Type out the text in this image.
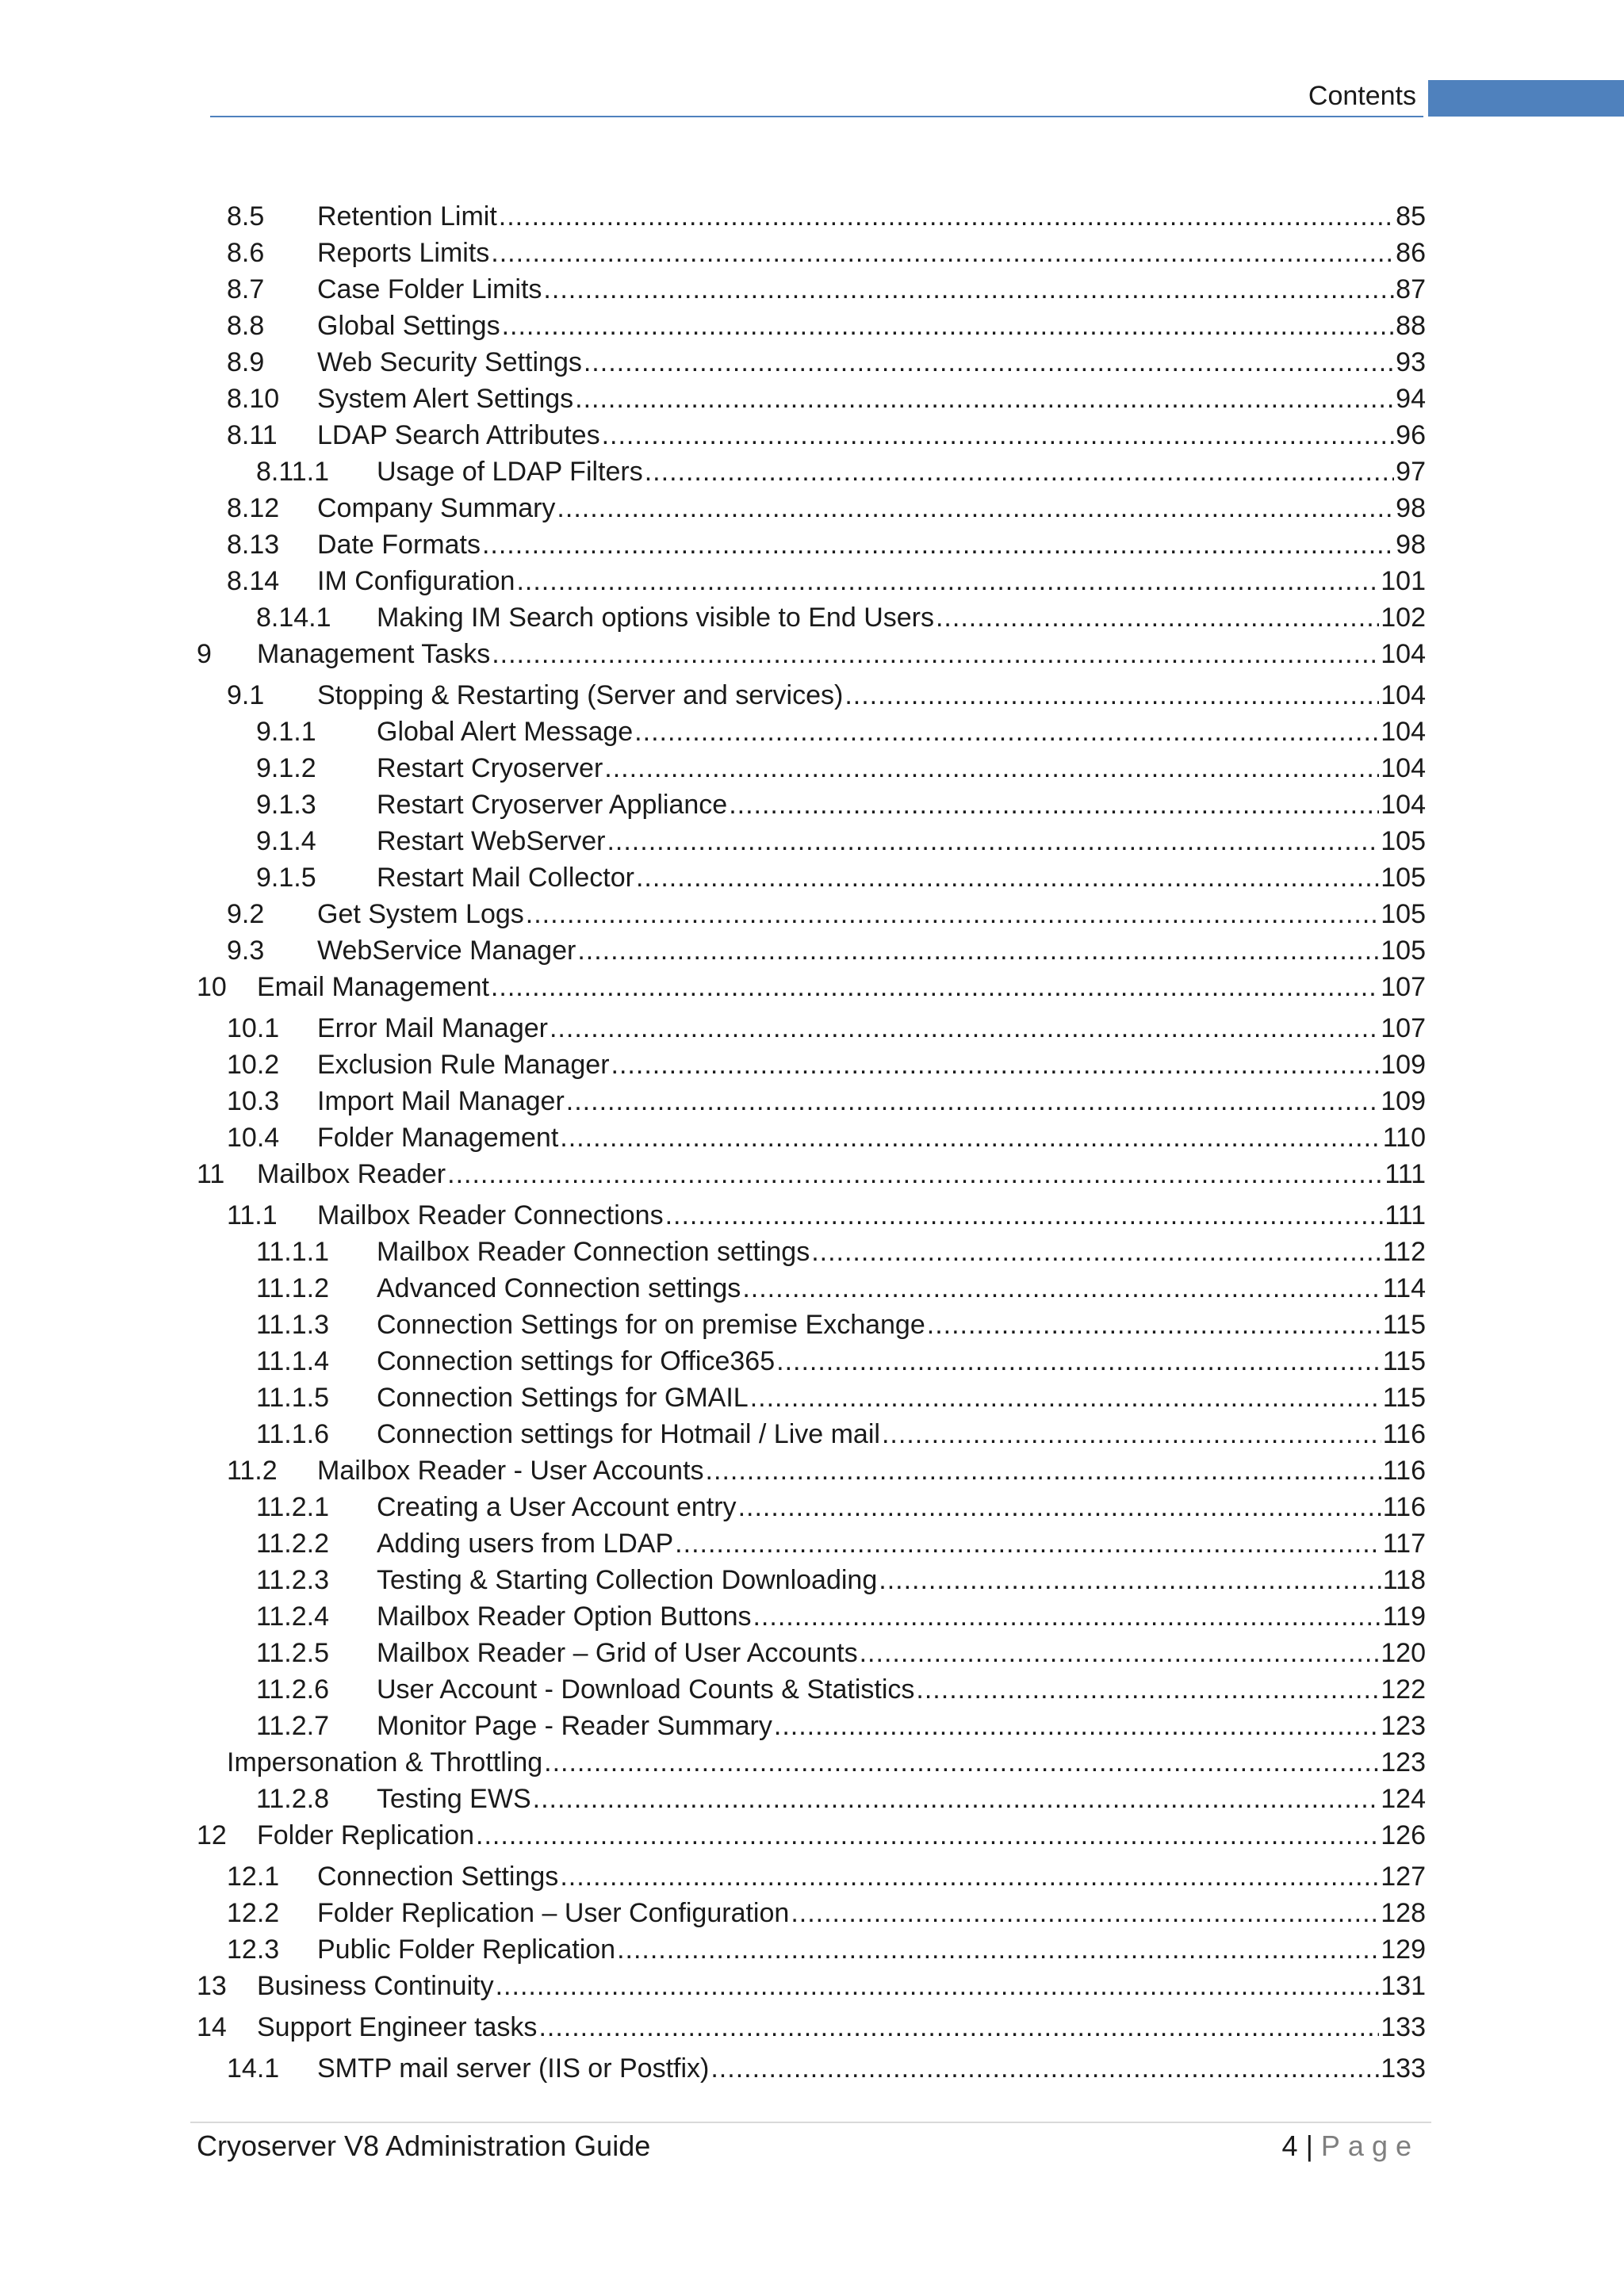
Contents
8.5	Retention Limit .....	85
8.6	Reports Limits .....	86
8.7	Case Folder Limits .....	87
8.8	Global Settings .....	88
8.9	Web Security Settings .....	93
8.10	System Alert Settings .....	94
8.11	LDAP Search Attributes .....	96
8.11.1	Usage of LDAP Filters .....	97
8.12	Company Summary .....	98
8.13	Date Formats .....	98
8.14	IM Configuration .....	101
8.14.1	Making IM Search options visible to End Users .....	102
9	Management Tasks .....	104
9.1	Stopping & Restarting (Server and services) .....	104
9.1.1	Global Alert Message .....	104
9.1.2	Restart Cryoserver .....	104
9.1.3	Restart Cryoserver Appliance .....	104
9.1.4	Restart WebServer .....	105
9.1.5	Restart Mail Collector .....	105
9.2	Get System Logs .....	105
9.3	WebService Manager .....	105
10	Email Management .....	107
10.1	Error Mail Manager .....	107
10.2	Exclusion Rule Manager .....	109
10.3	Import Mail Manager .....	109
10.4	Folder Management .....	110
11	Mailbox Reader .....	111
11.1	Mailbox Reader Connections .....	111
11.1.1	Mailbox Reader Connection settings .....	112
11.1.2	Advanced Connection settings .....	114
11.1.3	Connection Settings for on premise Exchange .....	115
11.1.4	Connection settings for Office365 .....	115
11.1.5	Connection Settings for GMAIL .....	115
11.1.6	Connection settings for Hotmail / Live mail .....	116
11.2	Mailbox Reader - User Accounts .....	116
11.2.1	Creating a User Account entry .....	116
11.2.2	Adding users from LDAP .....	117
11.2.3	Testing & Starting Collection Downloading .....	118
11.2.4	Mailbox Reader Option Buttons .....	119
11.2.5	Mailbox Reader – Grid of User Accounts .....	120
11.2.6	User Account - Download Counts & Statistics .....	122
11.2.7	Monitor Page - Reader Summary .....	123
Impersonation & Throttling .....	123
11.2.8	Testing EWS .....	124
12	Folder Replication .....	126
12.1	Connection Settings .....	127
12.2	Folder Replication – User Configuration .....	128
12.3	Public Folder Replication .....	129
13	Business Continuity .....	131
14	Support Engineer tasks .....	133
14.1	SMTP mail server (IIS or Postfix) .....	133
Cryoserver V8 Administration Guide	4 | Page
